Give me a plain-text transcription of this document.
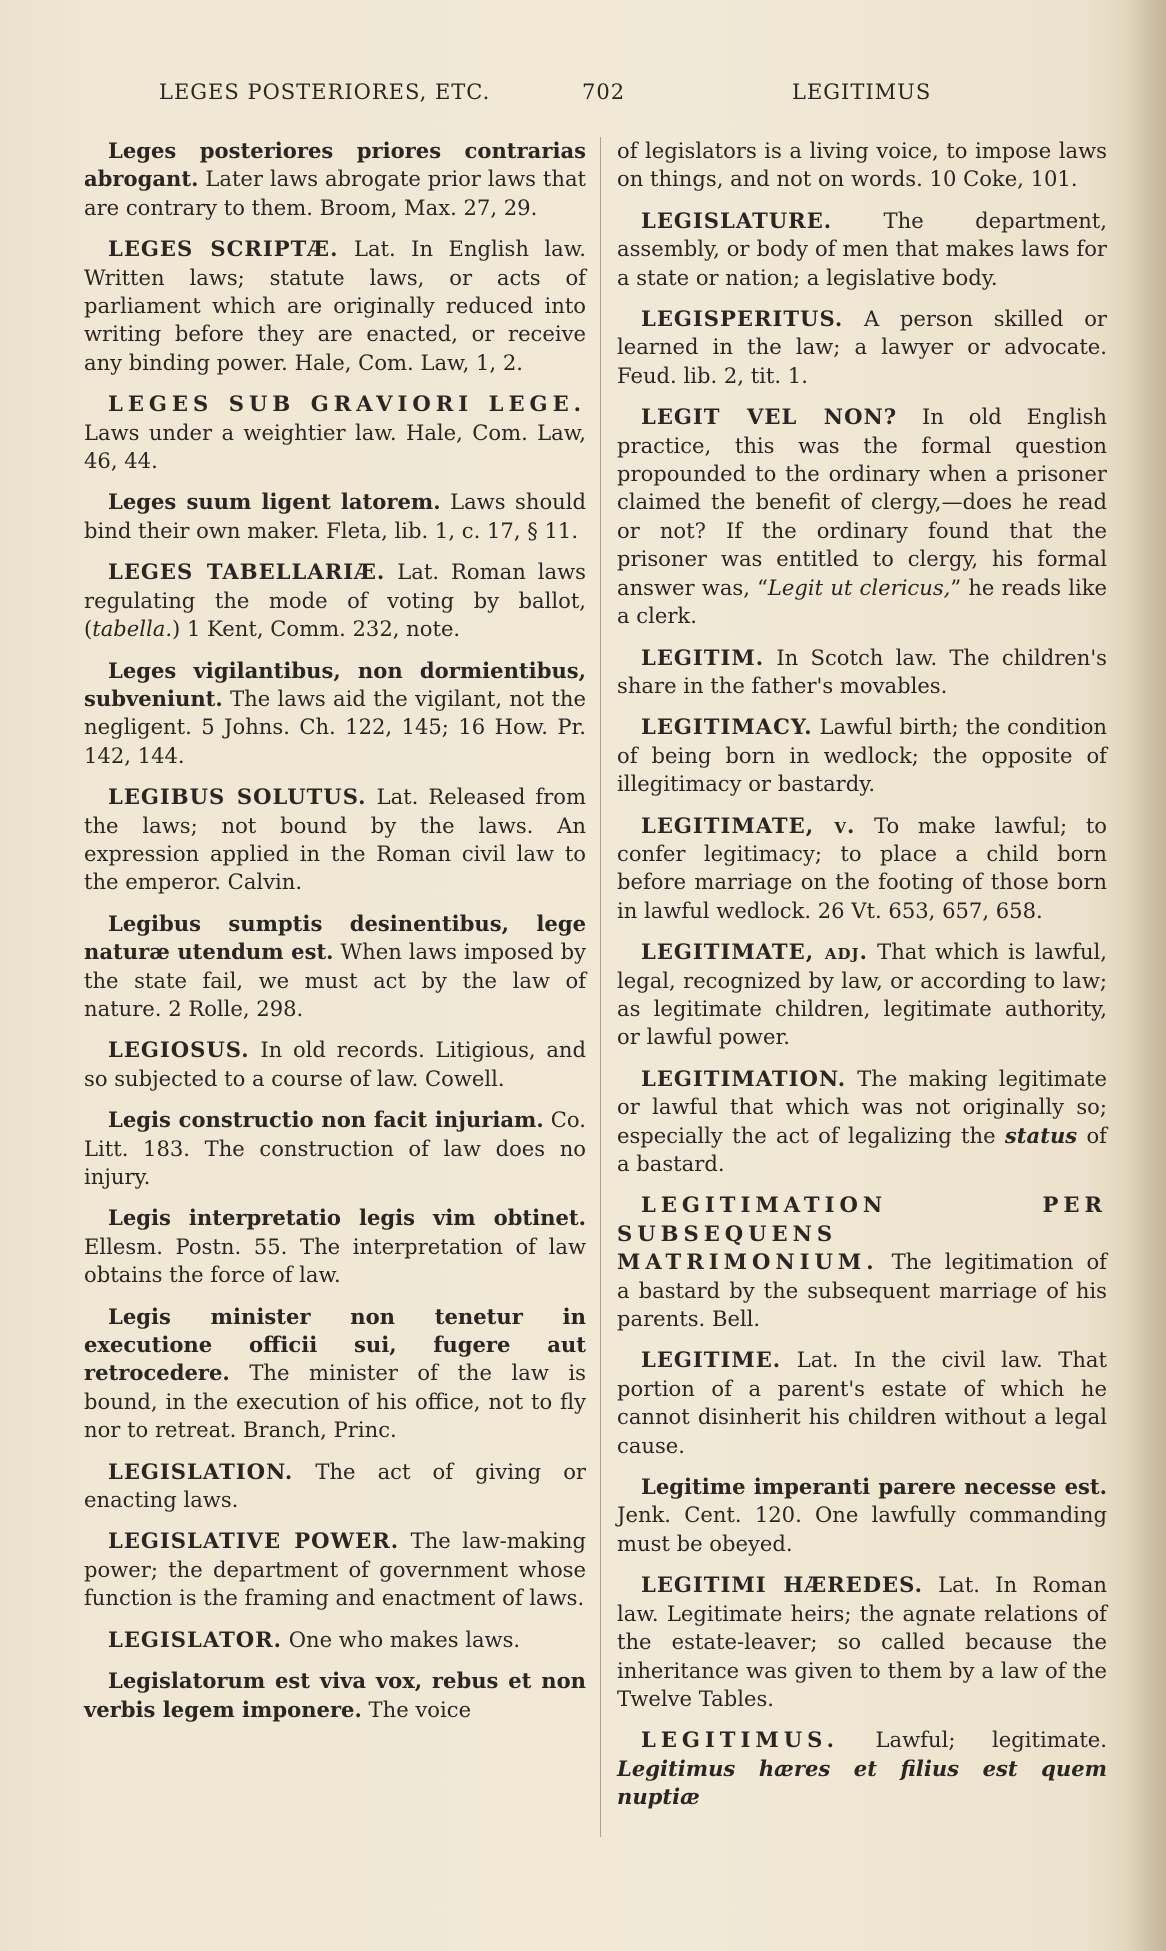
LEGES POSTERIORES, ETC.	702	LEGITIMUS

Leges posteriores priores contrarias abrogant. Later laws abrogate prior laws that are contrary to them. Broom, Max. 27, 29.

LEGES SCRIPTÆ. Lat. In English law. Written laws; statute laws, or acts of parliament which are originally reduced into writing before they are enacted, or receive any binding power. Hale, Com. Law, 1, 2.

LEGES SUB GRAVIORI LEGE. Laws under a weightier law. Hale, Com. Law, 46, 44.

Leges suum ligent latorem. Laws should bind their own maker. Fleta, lib. 1, c. 17, § 11.

LEGES TABELLARIÆ. Lat. Roman laws regulating the mode of voting by ballot, (tabella.) 1 Kent, Comm. 232, note.

Leges vigilantibus, non dormientibus, subveniunt. The laws aid the vigilant, not the negligent. 5 Johns. Ch. 122, 145; 16 How. Pr. 142, 144.

LEGIBUS SOLUTUS. Lat. Released from the laws; not bound by the laws. An expression applied in the Roman civil law to the emperor. Calvin.

Legibus sumptis desinentibus, lege naturæ utendum est. When laws imposed by the state fail, we must act by the law of nature. 2 Rolle, 298.

LEGIOSUS. In old records. Litigious, and so subjected to a course of law. Cowell.

Legis constructio non facit injuriam. Co. Litt. 183. The construction of law does no injury.

Legis interpretatio legis vim obtinet. Ellesm. Postn. 55. The interpretation of law obtains the force of law.

Legis minister non tenetur in executione officii sui, fugere aut retrocedere. The minister of the law is bound, in the execution of his office, not to fly nor to retreat. Branch, Princ.

LEGISLATION. The act of giving or enacting laws.

LEGISLATIVE POWER. The law-making power; the department of government whose function is the framing and enactment of laws.

LEGISLATOR. One who makes laws.

Legislatorum est viva vox, rebus et non verbis legem imponere. The voice

of legislators is a living voice, to impose laws on things, and not on words. 10 Coke, 101.

LEGISLATURE. The department, assembly, or body of men that makes laws for a state or nation; a legislative body.

LEGISPERITUS. A person skilled or learned in the law; a lawyer or advocate. Feud. lib. 2, tit. 1.

LEGIT VEL NON? In old English practice, this was the formal question propounded to the ordinary when a prisoner claimed the benefit of clergy,—does he read or not? If the ordinary found that the prisoner was entitled to clergy, his formal answer was, “Legit ut clericus,” he reads like a clerk.

LEGITIM. In Scotch law. The children's share in the father's movables.

LEGITIMACY. Lawful birth; the condition of being born in wedlock; the opposite of illegitimacy or bastardy.

LEGITIMATE, v. To make lawful; to confer legitimacy; to place a child born before marriage on the footing of those born in lawful wedlock. 26 Vt. 653, 657, 658.

LEGITIMATE, adj. That which is lawful, legal, recognized by law, or according to law; as legitimate children, legitimate authority, or lawful power.

LEGITIMATION. The making legitimate or lawful that which was not originally so; especially the act of legalizing the status of a bastard.

LEGITIMATION PER SUBSEQUENS MATRIMONIUM. The legitimation of a bastard by the subsequent marriage of his parents. Bell.

LEGITIME. Lat. In the civil law. That portion of a parent's estate of which he cannot disinherit his children without a legal cause.

Legitime imperanti parere necesse est. Jenk. Cent. 120. One lawfully commanding must be obeyed.

LEGITIMI HÆREDES. Lat. In Roman law. Legitimate heirs; the agnate relations of the estate-leaver; so called because the inheritance was given to them by a law of the Twelve Tables.

LEGITIMUS. Lawful; legitimate. Legitimus hæres et filius est quem nuptiæ
